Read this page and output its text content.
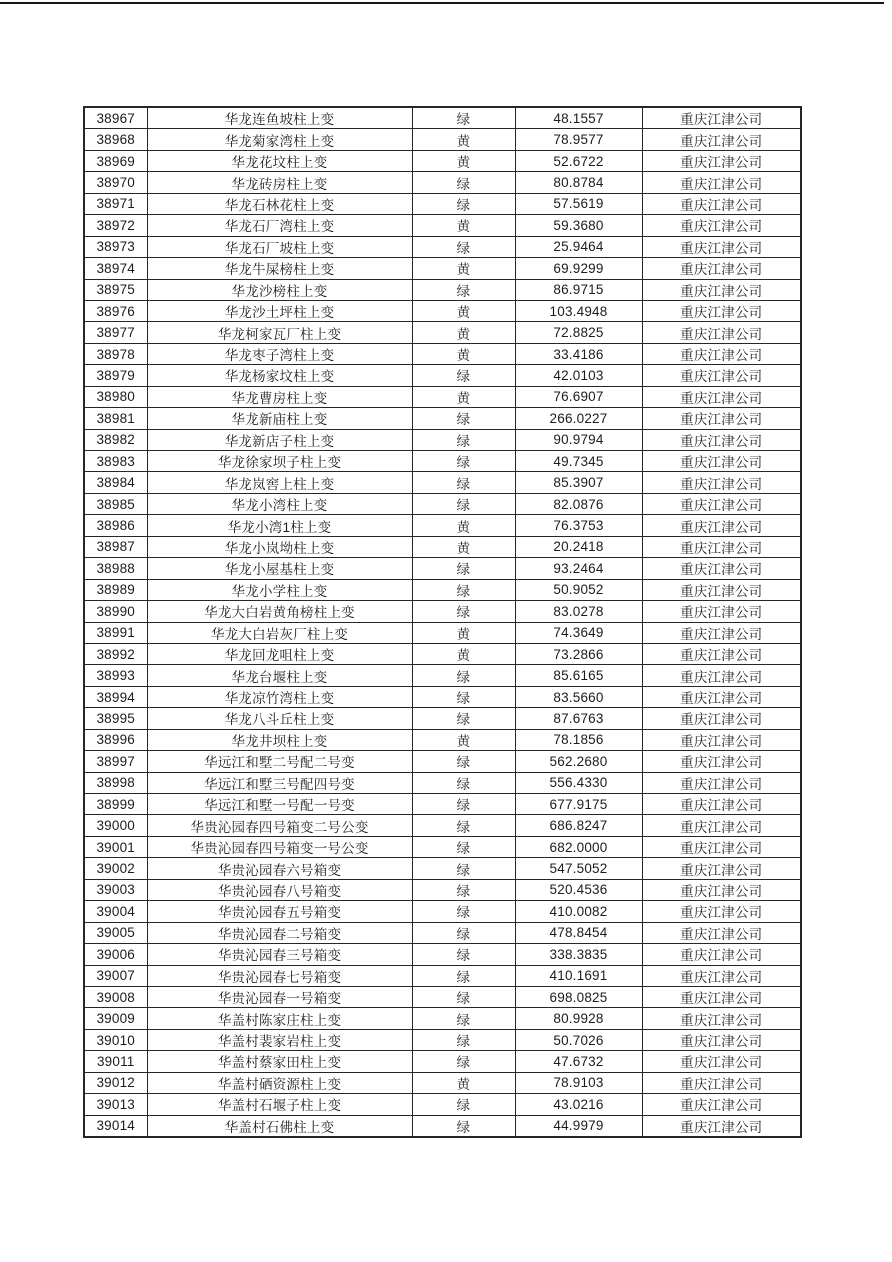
38967	华龙连鱼坡柱上变	绿	48.1557	重庆江津公司
38968	华龙菊家湾柱上变	黄	78.9577	重庆江津公司
38969	华龙花坟柱上变	黄	52.6722	重庆江津公司
38970	华龙砖房柱上变	绿	80.8784	重庆江津公司
38971	华龙石林花柱上变	绿	57.5619	重庆江津公司
38972	华龙石厂湾柱上变	黄	59.3680	重庆江津公司
38973	华龙石厂坡柱上变	绿	25.9464	重庆江津公司
38974	华龙牛屎榜柱上变	黄	69.9299	重庆江津公司
38975	华龙沙榜柱上变	绿	86.9715	重庆江津公司
38976	华龙沙土坪柱上变	黄	103.4948	重庆江津公司
38977	华龙柯家瓦厂柱上变	黄	72.8825	重庆江津公司
38978	华龙枣子湾柱上变	黄	33.4186	重庆江津公司
38979	华龙杨家坟柱上变	绿	42.0103	重庆江津公司
38980	华龙曹房柱上变	黄	76.6907	重庆江津公司
38981	华龙新庙柱上变	绿	266.0227	重庆江津公司
38982	华龙新店子柱上变	绿	90.9794	重庆江津公司
38983	华龙徐家坝子柱上变	绿	49.7345	重庆江津公司
38984	华龙岚窖上柱上变	绿	85.3907	重庆江津公司
38985	华龙小湾柱上变	绿	82.0876	重庆江津公司
38986	华龙小湾1柱上变	黄	76.3753	重庆江津公司
38987	华龙小岚坳柱上变	黄	20.2418	重庆江津公司
38988	华龙小屋基柱上变	绿	93.2464	重庆江津公司
38989	华龙小学柱上变	绿	50.9052	重庆江津公司
38990	华龙大白岩黄角榜柱上变	绿	83.0278	重庆江津公司
38991	华龙大白岩灰厂柱上变	黄	74.3649	重庆江津公司
38992	华龙回龙咀柱上变	黄	73.2866	重庆江津公司
38993	华龙台堰柱上变	绿	85.6165	重庆江津公司
38994	华龙凉竹湾柱上变	绿	83.5660	重庆江津公司
38995	华龙八斗丘柱上变	绿	87.6763	重庆江津公司
38996	华龙井坝柱上变	黄	78.1856	重庆江津公司
38997	华远江和墅二号配二号变	绿	562.2680	重庆江津公司
38998	华远江和墅三号配四号变	绿	556.4330	重庆江津公司
38999	华远江和墅一号配一号变	绿	677.9175	重庆江津公司
39000	华贵沁园春四号箱变二号公变	绿	686.8247	重庆江津公司
39001	华贵沁园春四号箱变一号公变	绿	682.0000	重庆江津公司
39002	华贵沁园春六号箱变	绿	547.5052	重庆江津公司
39003	华贵沁园春八号箱变	绿	520.4536	重庆江津公司
39004	华贵沁园春五号箱变	绿	410.0082	重庆江津公司
39005	华贵沁园春二号箱变	绿	478.8454	重庆江津公司
39006	华贵沁园春三号箱变	绿	338.3835	重庆江津公司
39007	华贵沁园春七号箱变	绿	410.1691	重庆江津公司
39008	华贵沁园春一号箱变	绿	698.0825	重庆江津公司
39009	华盖村陈家庄柱上变	绿	80.9928	重庆江津公司
39010	华盖村裴家岩柱上变	绿	50.7026	重庆江津公司
39011	华盖村蔡家田柱上变	绿	47.6732	重庆江津公司
39012	华盖村硒资源柱上变	黄	78.9103	重庆江津公司
39013	华盖村石堰子柱上变	绿	43.0216	重庆江津公司
39014	华盖村石佛柱上变	绿	44.9979	重庆江津公司
